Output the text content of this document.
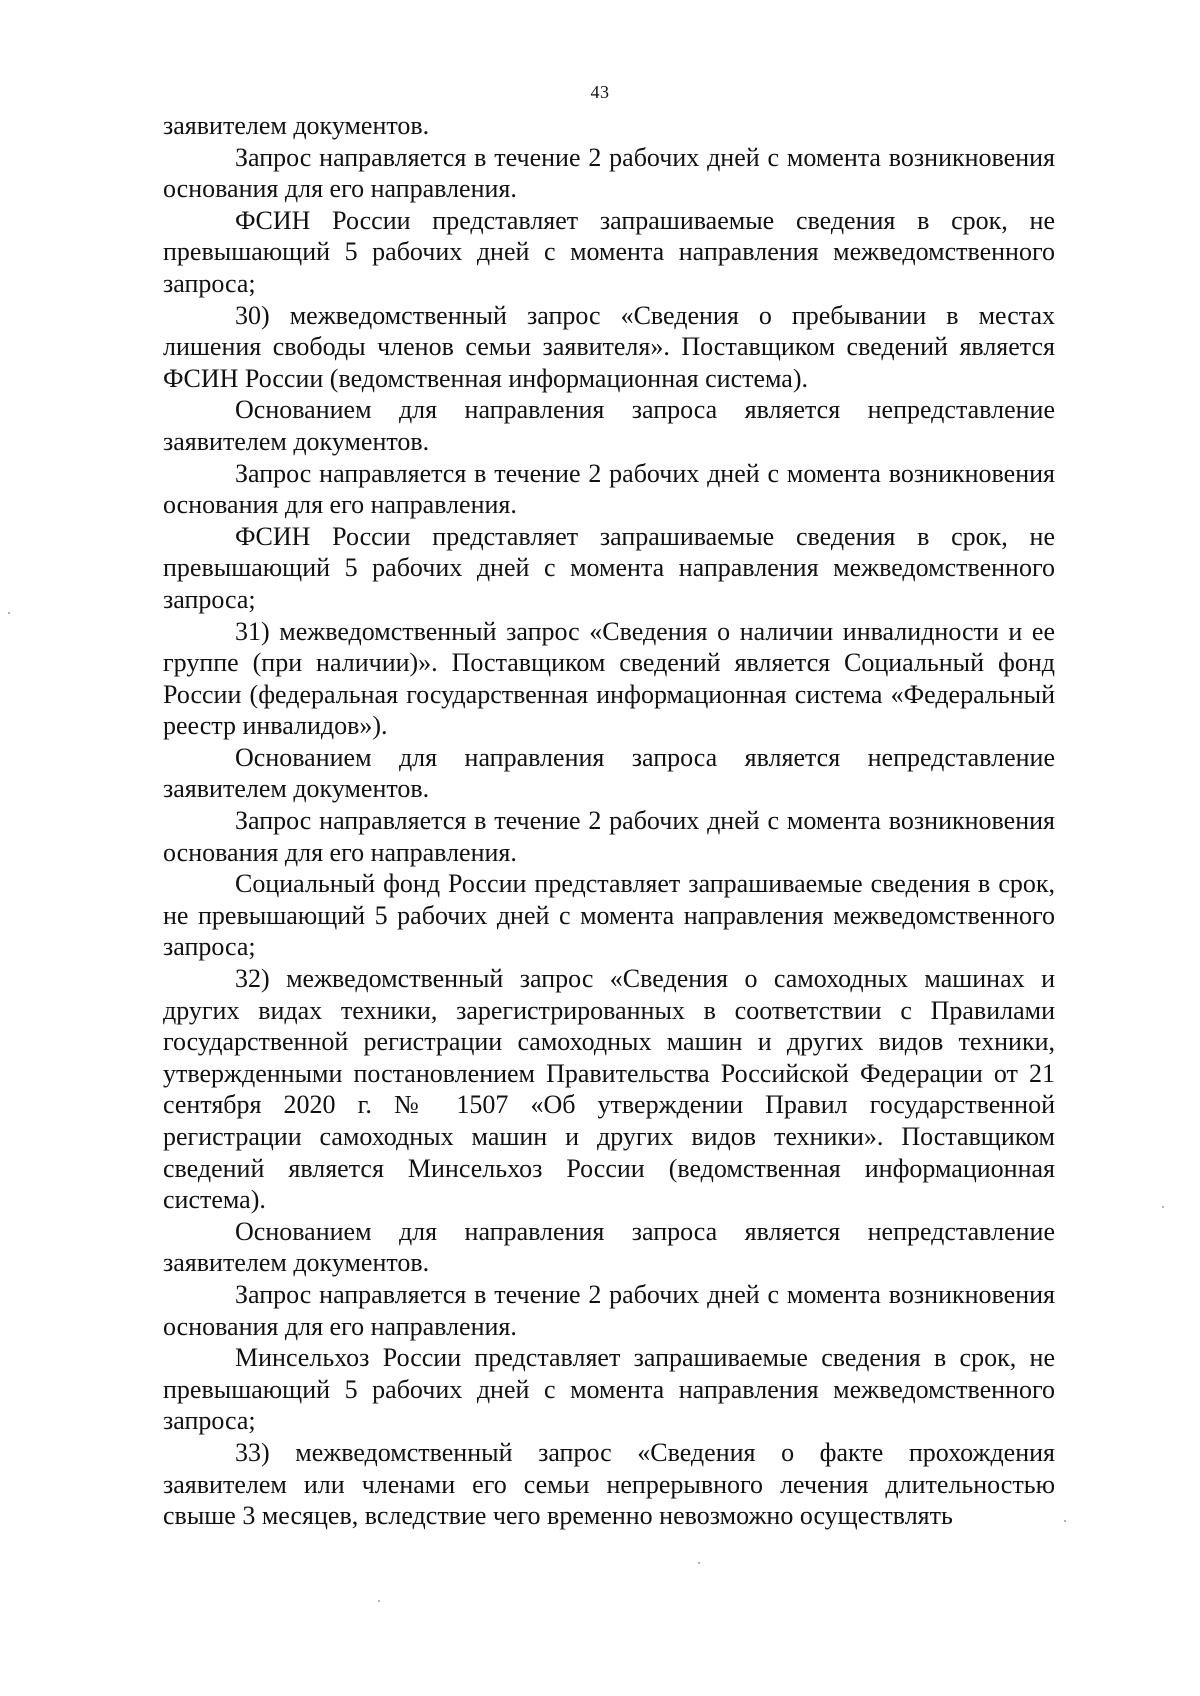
43

заявителем документов.

Запрос направляется в течение 2 рабочих дней с момента возникновения основания для его направления.

ФСИН России представляет запрашиваемые сведения в срок, не превышающий 5 рабочих дней с момента направления межведомственного запроса;

30) межведомственный запрос «Сведения о пребывании в местах лишения свободы членов семьи заявителя». Поставщиком сведений является ФСИН России (ведомственная информационная система).

Основанием для направления запроса является непредставление заявителем документов.

Запрос направляется в течение 2 рабочих дней с момента возникновения основания для его направления.

ФСИН России представляет запрашиваемые сведения в срок, не превышающий 5 рабочих дней с момента направления межведомственного запроса;

31) межведомственный запрос «Сведения о наличии инвалидности и ее группе (при наличии)». Поставщиком сведений является Социальный фонд России (федеральная государственная информационная система «Федеральный реестр инвалидов»).

Основанием для направления запроса является непредставление заявителем документов.

Запрос направляется в течение 2 рабочих дней с момента возникновения основания для его направления.

Социальный фонд России представляет запрашиваемые сведения в срок, не превышающий 5 рабочих дней с момента направления межведомственного запроса;

32) межведомственный запрос «Сведения о самоходных машинах и других видах техники, зарегистрированных в соответствии с Правилами государственной регистрации самоходных машин и других видов техники, утвержденными постановлением Правительства Российской Федерации от 21 сентября 2020 г. № 1507 «Об утверждении Правил государственной регистрации самоходных машин и других видов техники». Поставщиком сведений является Минсельхоз России (ведомственная информационная система).

Основанием для направления запроса является непредставление заявителем документов.

Запрос направляется в течение 2 рабочих дней с момента возникновения основания для его направления.

Минсельхоз России представляет запрашиваемые сведения в срок, не превышающий 5 рабочих дней с момента направления межведомственного запроса;

33) межведомственный запрос «Сведения о факте прохождения заявителем или членами его семьи непрерывного лечения длительностью свыше 3 месяцев, вследствие чего временно невозможно осуществлять
